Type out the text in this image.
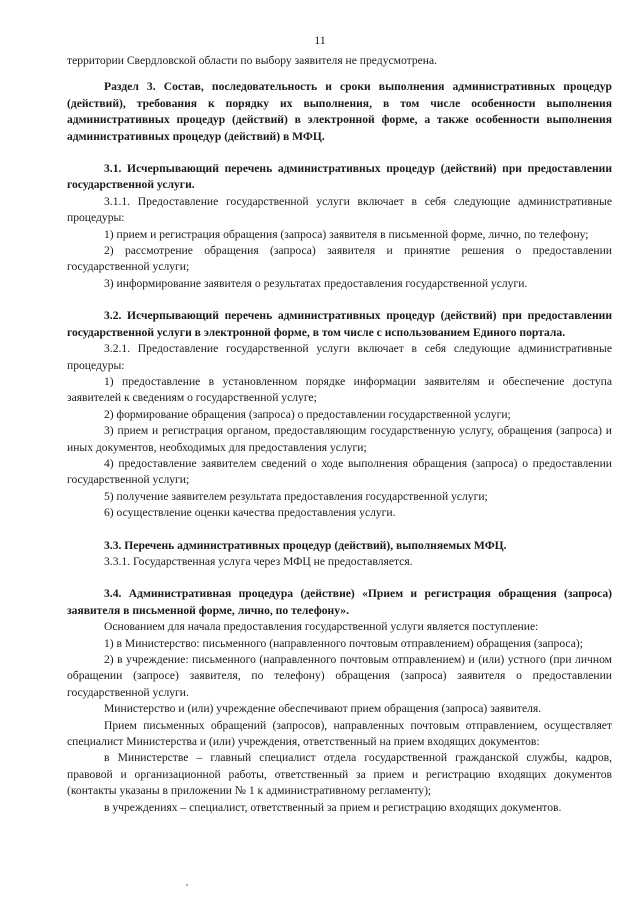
11

территории Свердловской области по выбору заявителя не предусмотрена.

Раздел 3. Состав, последовательность и сроки выполнения административных процедур (действий), требования к порядку их выполнения, в том числе особенности выполнения административных процедур (действий) в электронной форме, а также особенности выполнения административных процедур (действий) в МФЦ.

3.1. Исчерпывающий перечень административных процедур (действий) при предоставлении государственной услуги.

3.1.1. Предоставление государственной услуги включает в себя следующие административные процедуры:

1) прием и регистрация обращения (запроса) заявителя в письменной форме, лично, по телефону;

2) рассмотрение обращения (запроса) заявителя и принятие решения о предоставлении государственной услуги;

3) информирование заявителя о результатах предоставления государственной услуги.

3.2. Исчерпывающий перечень административных процедур (действий) при предоставлении государственной услуги в электронной форме, в том числе с использованием Единого портала.

3.2.1. Предоставление государственной услуги включает в себя следующие административные процедуры:

1) предоставление в установленном порядке информации заявителям и обеспечение доступа заявителей к сведениям о государственной услуге;

2) формирование обращения (запроса) о предоставлении государственной услуги;

3) прием и регистрация органом, предоставляющим государственную услугу, обращения (запроса) и иных документов, необходимых для предоставления услуги;

4) предоставление заявителем сведений о ходе выполнения обращения (запроса) о предоставлении государственной услуги;

5) получение заявителем результата предоставления государственной услуги;

6) осуществление оценки качества предоставления услуги.

3.3. Перечень административных процедур (действий), выполняемых МФЦ.

3.3.1. Государственная услуга через МФЦ не предоставляется.

3.4. Административная процедура (действие) «Прием и регистрация обращения (запроса) заявителя в письменной форме, лично, по телефону».

Основанием для начала предоставления государственной услуги является поступление:

1) в Министерство: письменного (направленного почтовым отправлением) обращения (запроса);

2) в учреждение: письменного (направленного почтовым отправлением) и (или) устного (при личном обращении (запросе) заявителя, по телефону) обращения (запроса) заявителя о предоставлении государственной услуги.

Министерство и (или) учреждение обеспечивают прием обращения (запроса) заявителя.

Прием письменных обращений (запросов), направленных почтовым отправлением, осуществляет специалист Министерства и (или) учреждения, ответственный на прием входящих документов:

в Министерстве – главный специалист отдела государственной гражданской службы, кадров, правовой и организационной работы, ответственный за прием и регистрацию входящих документов (контакты указаны в приложении № 1 к административному регламенту);

в учреждениях – специалист, ответственный за прием и регистрацию входящих документов.
